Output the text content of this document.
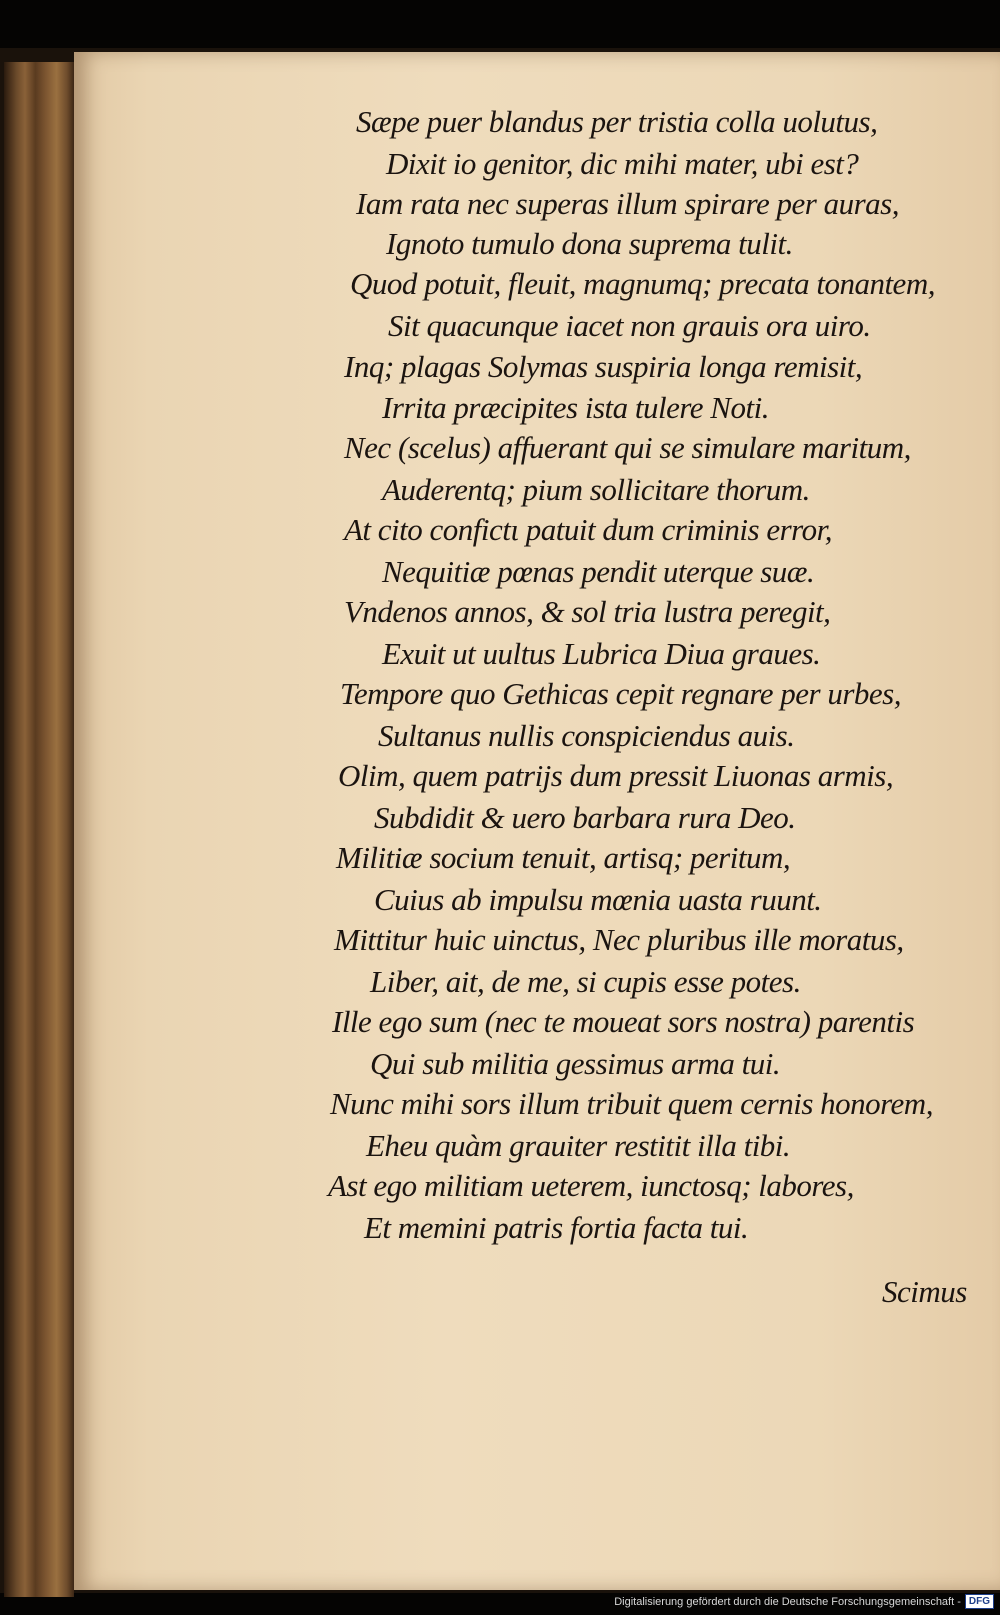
Sæpe puer blandus per tristia colla uolutus,
Dixit io genitor, dic mihi mater, ubi est?
Iam rata nec superas illum spirare per auras,
Ignoto tumulo dona suprema tulit.
Quod potuit, fleuit, magnumq; precata tonantem,
Sit quacunque iacet non grauis ora uiro.
Inq; plagas Solymas suspiria longa remisit,
Irrita præcipites ista tulere Noti.
Nec (scelus) affuerant qui se simulare maritum,
Auderentq; pium sollicitare thorum.
At cito confictι patuit dum criminis error,
Nequitiæ pœnas pendit uterque suæ.
Vndenos annos, & sol tria lustra peregit,
Exuit ut uultus Lubrica Diua graues.
Tempore quo Gethicas cepit regnare per urbes,
Sultanus nullis conspiciendus auis.
Olim, quem patrijs dum pressit Liuonas armis,
Subdidit & uero barbara rura Deo.
Militiæ socium tenuit, artisq; peritum,
Cuius ab impulsu mœnia uasta ruunt.
Mittitur huic uinctus, Nec pluribus ille moratus,
Liber, ait, de me, si cupis esse potes.
Ille ego sum (nec te moueat sors nostra) parentis
Qui sub militia gessimus arma tui.
Nunc mihi sors illum tribuit quem cernis honorem,
Eheu quàm grauiter restitit illa tibi.
Ast ego militiam ueterem, iunctosq; labores,
Et memini patris fortia facta tui.
Scimus
Digitalisierung gefördert durch die Deutsche Forschungsgemeinschaft - DFG
